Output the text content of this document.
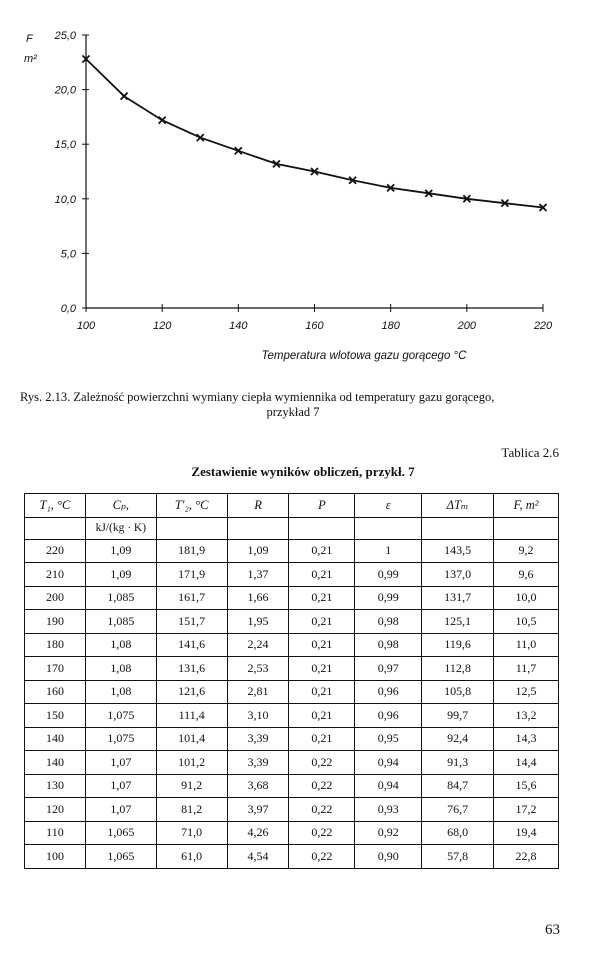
F
m²
100	120	140	160	180	200	220
0,0
5,0
10,0
15,0
20,0
25,0
Temperatura wlotowa gazu gorącego °C
Rys. 2.13. Zależność powierzchni wymiany ciepła wymiennika od temperatury gazu gorącego,
przykład 7
Tablica 2.6
Zestawienie wyników obliczeń, przykł. 7
T₁, °C	Cₚ,	T′₂, °C	R	P	ε	ΔTₘ	F, m²
	kJ/(kg · K)						
220	1,09	181,9	1,09	0,21	1	143,5	9,2
210	1,09	171,9	1,37	0,21	0,99	137,0	9,6
200	1,085	161,7	1,66	0,21	0,99	131,7	10,0
190	1,085	151,7	1,95	0,21	0,98	125,1	10,5
180	1,08	141,6	2,24	0,21	0,98	119,6	11,0
170	1,08	131,6	2,53	0,21	0,97	112,8	11,7
160	1,08	121,6	2,81	0,21	0,96	105,8	12,5
150	1,075	111,4	3,10	0,21	0,96	99,7	13,2
140	1,075	101,4	3,39	0,21	0,95	92,4	14,3
140	1,07	101,2	3,39	0,22	0,94	91,3	14,4
130	1,07	91,2	3,68	0,22	0,94	84,7	15,6
120	1,07	81,2	3,97	0,22	0,93	76,7	17,2
110	1,065	71,0	4,26	0,22	0,92	68,0	19,4
100	1,065	61,0	4,54	0,22	0,90	57,8	22,8
63
